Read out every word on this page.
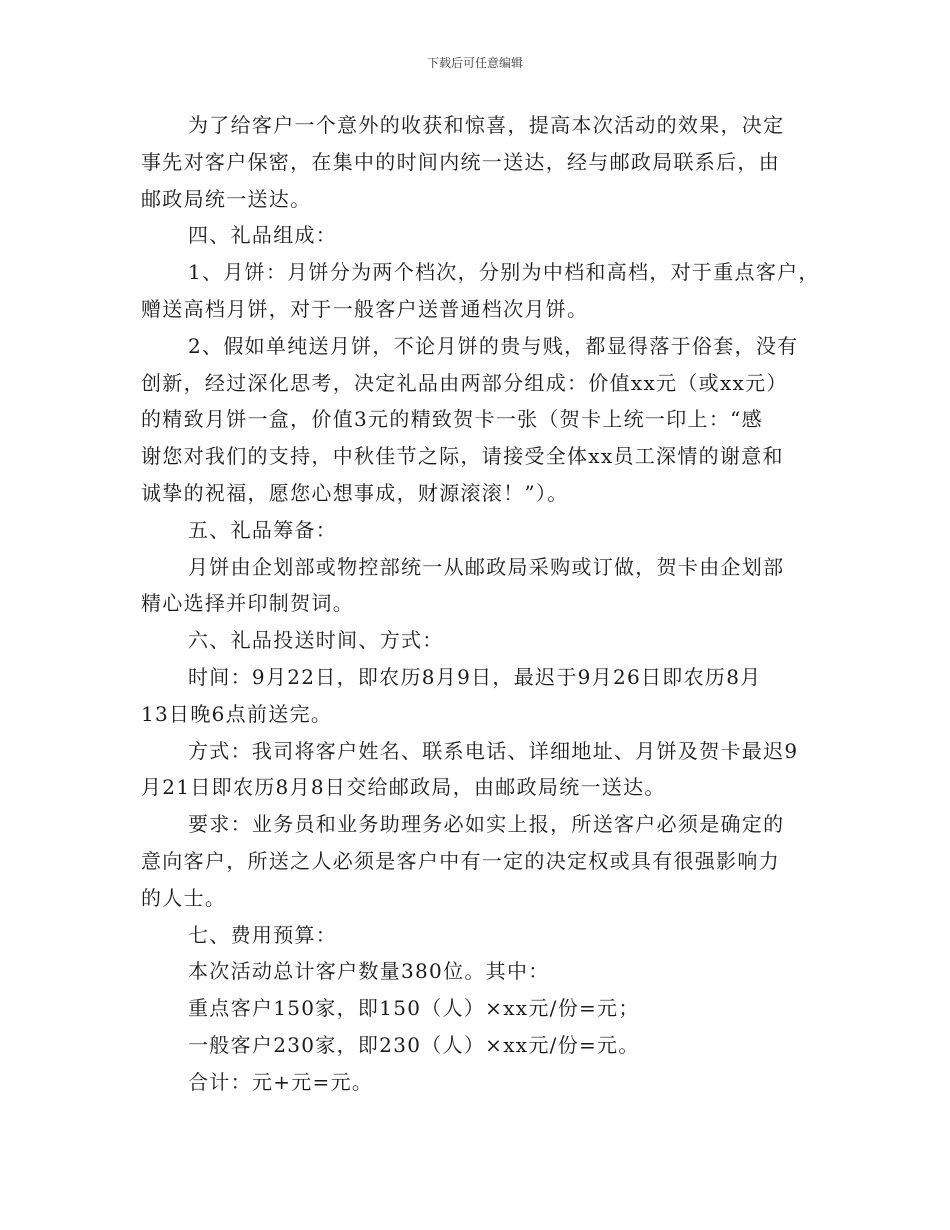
下载后可任意编辑
为了给客户一个意外的收获和惊喜，提高本次活动的效果，决定
事先对客户保密，在集中的时间内统一送达，经与邮政局联系后，由
邮政局统一送达。
四、礼品组成：
1、月饼：月饼分为两个档次，分别为中档和高档，对于重点客户，
赠送高档月饼，对于一般客户送普通档次月饼。
2、假如单纯送月饼，不论月饼的贵与贱，都显得落于俗套，没有
创新，经过深化思考，决定礼品由两部分组成：价值xx元（或xx元）
的精致月饼一盒，价值3元的精致贺卡一张（贺卡上统一印上：“感
谢您对我们的支持，中秋佳节之际，请接受全体xx员工深情的谢意和
诚挚的祝福，愿您心想事成，财源滚滚！”）。
五、礼品筹备：
月饼由企划部或物控部统一从邮政局采购或订做，贺卡由企划部
精心选择并印制贺词。
六、礼品投送时间、方式：
时间：9月22日，即农历8月9日，最迟于9月26日即农历8月
13日晚6点前送完。
方式：我司将客户姓名、联系电话、详细地址、月饼及贺卡最迟9
月21日即农历8月8日交给邮政局，由邮政局统一送达。
要求：业务员和业务助理务必如实上报，所送客户必须是确定的
意向客户，所送之人必须是客户中有一定的决定权或具有很强影响力
的人士。
七、费用预算：
本次活动总计客户数量380位。其中：
重点客户150家，即150（人）×xx元/份=元；
一般客户230家，即230（人）×xx元/份=元。
合计：元+元=元。
